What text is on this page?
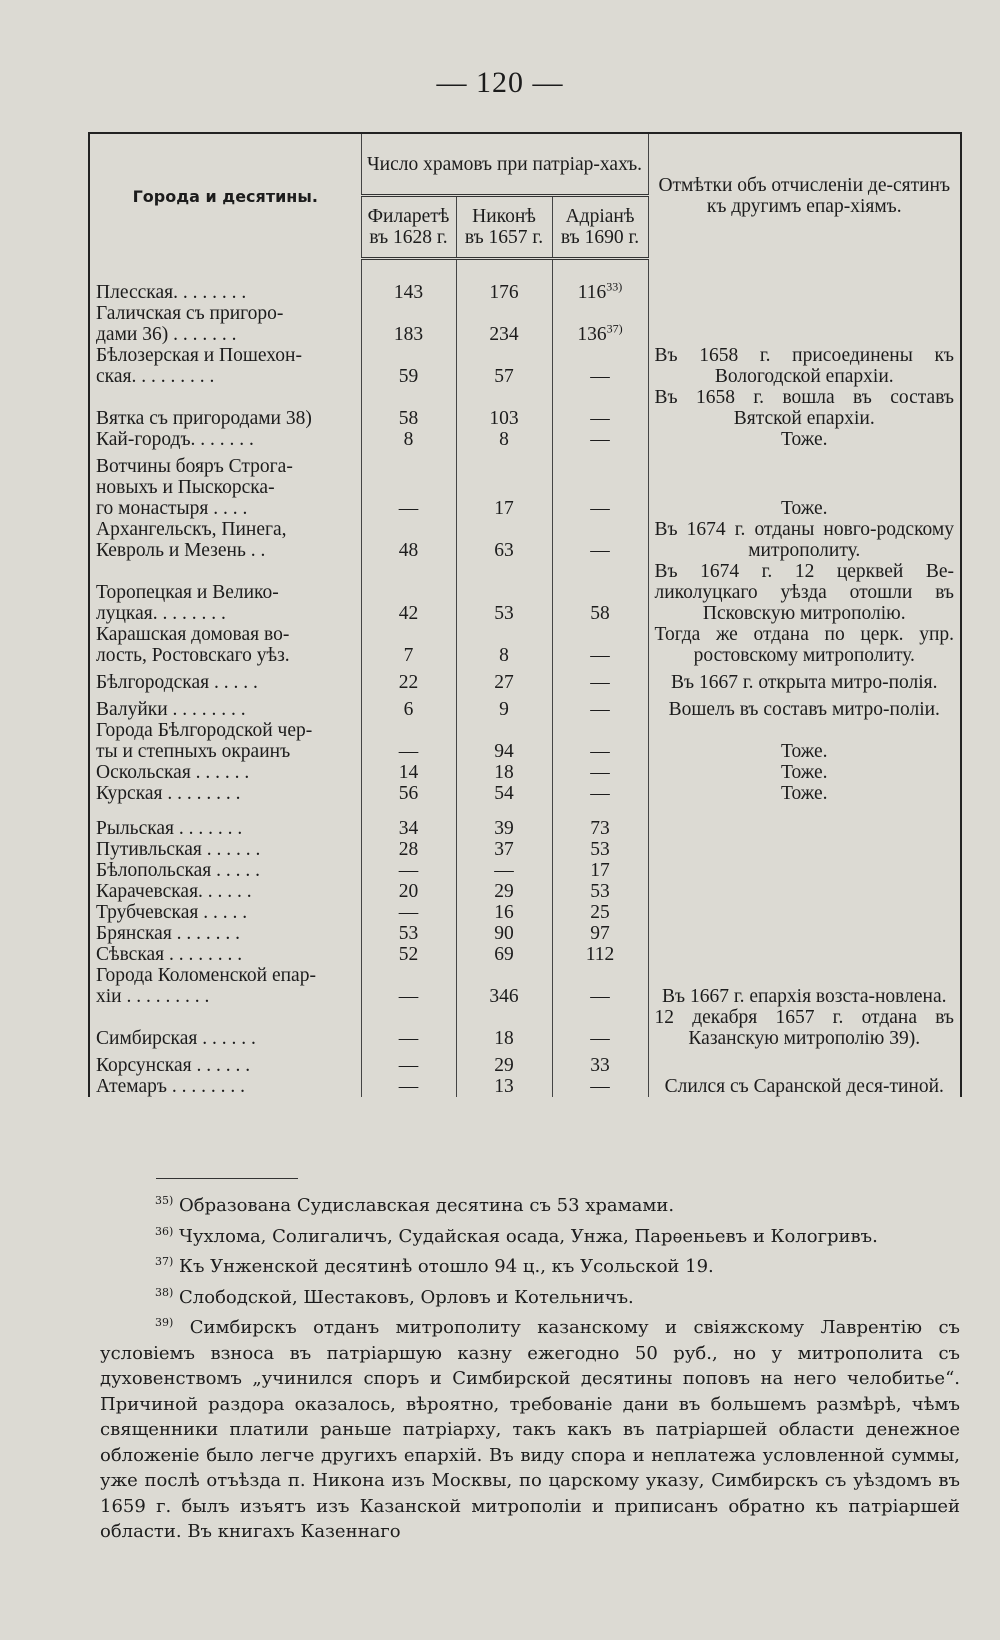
— 120 —
Города и десятины.	Число храмовъ при патріар-хахъ.			Отмѣтки объ отчисленіи де-сятинъ къ другимъ епар-хіямъ.
	Филаретѣ въ 1628 г.	Никонѣ въ 1657 г.	Адріанѣ въ 1690 г.	

Плесская. . . . . . . .	143	176	116$^{33)}$	
Галичская съ пригоро-
дами 36) . . . . . . .	183	234	136$^{37)}$	
Бѣлозерская и Пошехон-
ская. . . . . . . . .	59	57	—	Въ 1658 г. присоединены къ Вологодской епархіи.
Вятка съ пригородами 38)	58	103	—	Въ 1658 г. вошла въ составъ Вятской епархіи.
Кай-городъ. . . . . . .	8	8	—	Тоже.

Вотчины бояръ Строга-
новыхъ и Пыскорска-
го монастыря . . . .	—	17	—	Тоже.
Архангельскъ, Пинега,
Кевроль и Мезень . .	48	63	—	Въ 1674 г. отданы новго-родскому митрополиту.
Торопецкая и Велико-
луцкая. . . . . . . .	42	53	58	Въ 1674 г. 12 церквей Ве-ликолуцкаго уѣзда отошли въ Псковскую митрополію.
Карашская домовая во-
лость, Ростовскаго уѣз.	7	8	—	Тогда же отдана по церк. упр. ростовскому митрополиту.

Бѣлгородская . . . . .	22	27	—	Въ 1667 г. открыта митро-полія.

Валуйки . . . . . . . .	6	9	—	Вошелъ въ составъ митро-поліи.
Города Бѣлгородской чер-
ты и степныхъ окраинъ	—	94	—	Тоже.
Оскольская . . . . . .	14	18	—	Тоже.
Курская . . . . . . . .	56	54	—	Тоже.

Рыльская . . . . . . .	34	39	73	
Путивльская . . . . . .	28	37	53	
Бѣлопольская . . . . .	—	—	17	
Карачевская. . . . . .	20	29	53	
Трубчевская . . . . .	—	16	25	
Брянская . . . . . . .	53	90	97	
Сѣвская . . . . . . . .	52	69	112	
Города Коломенской епар-
хіи . . . . . . . . .	—	346	—	Въ 1667 г. епархія возста-новлена.
Симбирская . . . . . .	—	18	—	12 декабря 1657 г. отдана въ Казанскую митрополію 39).

Корсунская . . . . . .	—	29	33	
Атемаръ . . . . . . . .	—	13	—	Слился съ Саранской деся-тиной.

$^{35)}$ Образована Судиславская десятина съ 53 храмами.

$^{36)}$ Чухлома, Солигаличъ, Судайская осада, Унжа, Парѳеньевъ и Кологривъ.

$^{37)}$ Къ Унженской десятинѣ отошло 94 ц., къ Усольской 19.

$^{38)}$ Слободской, Шестаковъ, Орловъ и Котельничъ.

$^{39)}$ Симбирскъ отданъ митрополиту казанскому и свіяжскому Лаврентію съ условіемъ взноса въ патріаршую казну ежегодно 50 руб., но у митрополита съ духовенствомъ „учинился споръ и Симбирской десятины поповъ на него челобитье“. Причиной раздора оказалось, вѣроятно, требованіе дани въ большемъ размѣрѣ, чѣмъ священники платили раньше патріарху, такъ какъ въ патріаршей области денежное обложеніе было легче другихъ епархій. Въ виду спора и неплатежа условленной суммы, уже послѣ отъѣзда п. Никона изъ Москвы, по царскому указу, Симбирскъ съ уѣздомъ въ 1659 г. былъ изъятъ изъ Казанской митрополіи и приписанъ обратно къ патріаршей области. Въ книгахъ Казеннаго
